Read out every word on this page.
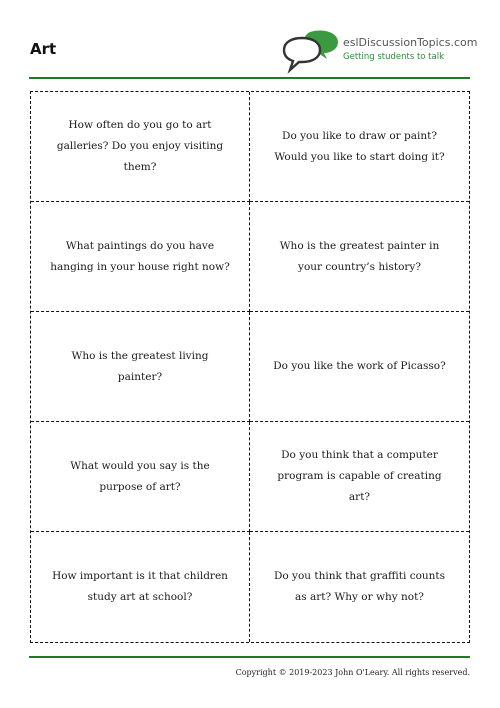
Art	eslDiscussionTopics.com
Getting students to talk
How often do you go to art galleries? Do you enjoy visiting them?
Do you like to draw or paint? Would you like to start doing it?
What paintings do you have hanging in your house right now?
Who is the greatest painter in your country’s history?
Who is the greatest living painter?
Do you like the work of Picasso?
What would you say is the purpose of art?
Do you think that a computer program is capable of creating art?
How important is it that children study art at school?
Do you think that graffiti counts as art? Why or why not?
Copyright © 2019-2023 John O'Leary. All rights reserved.
